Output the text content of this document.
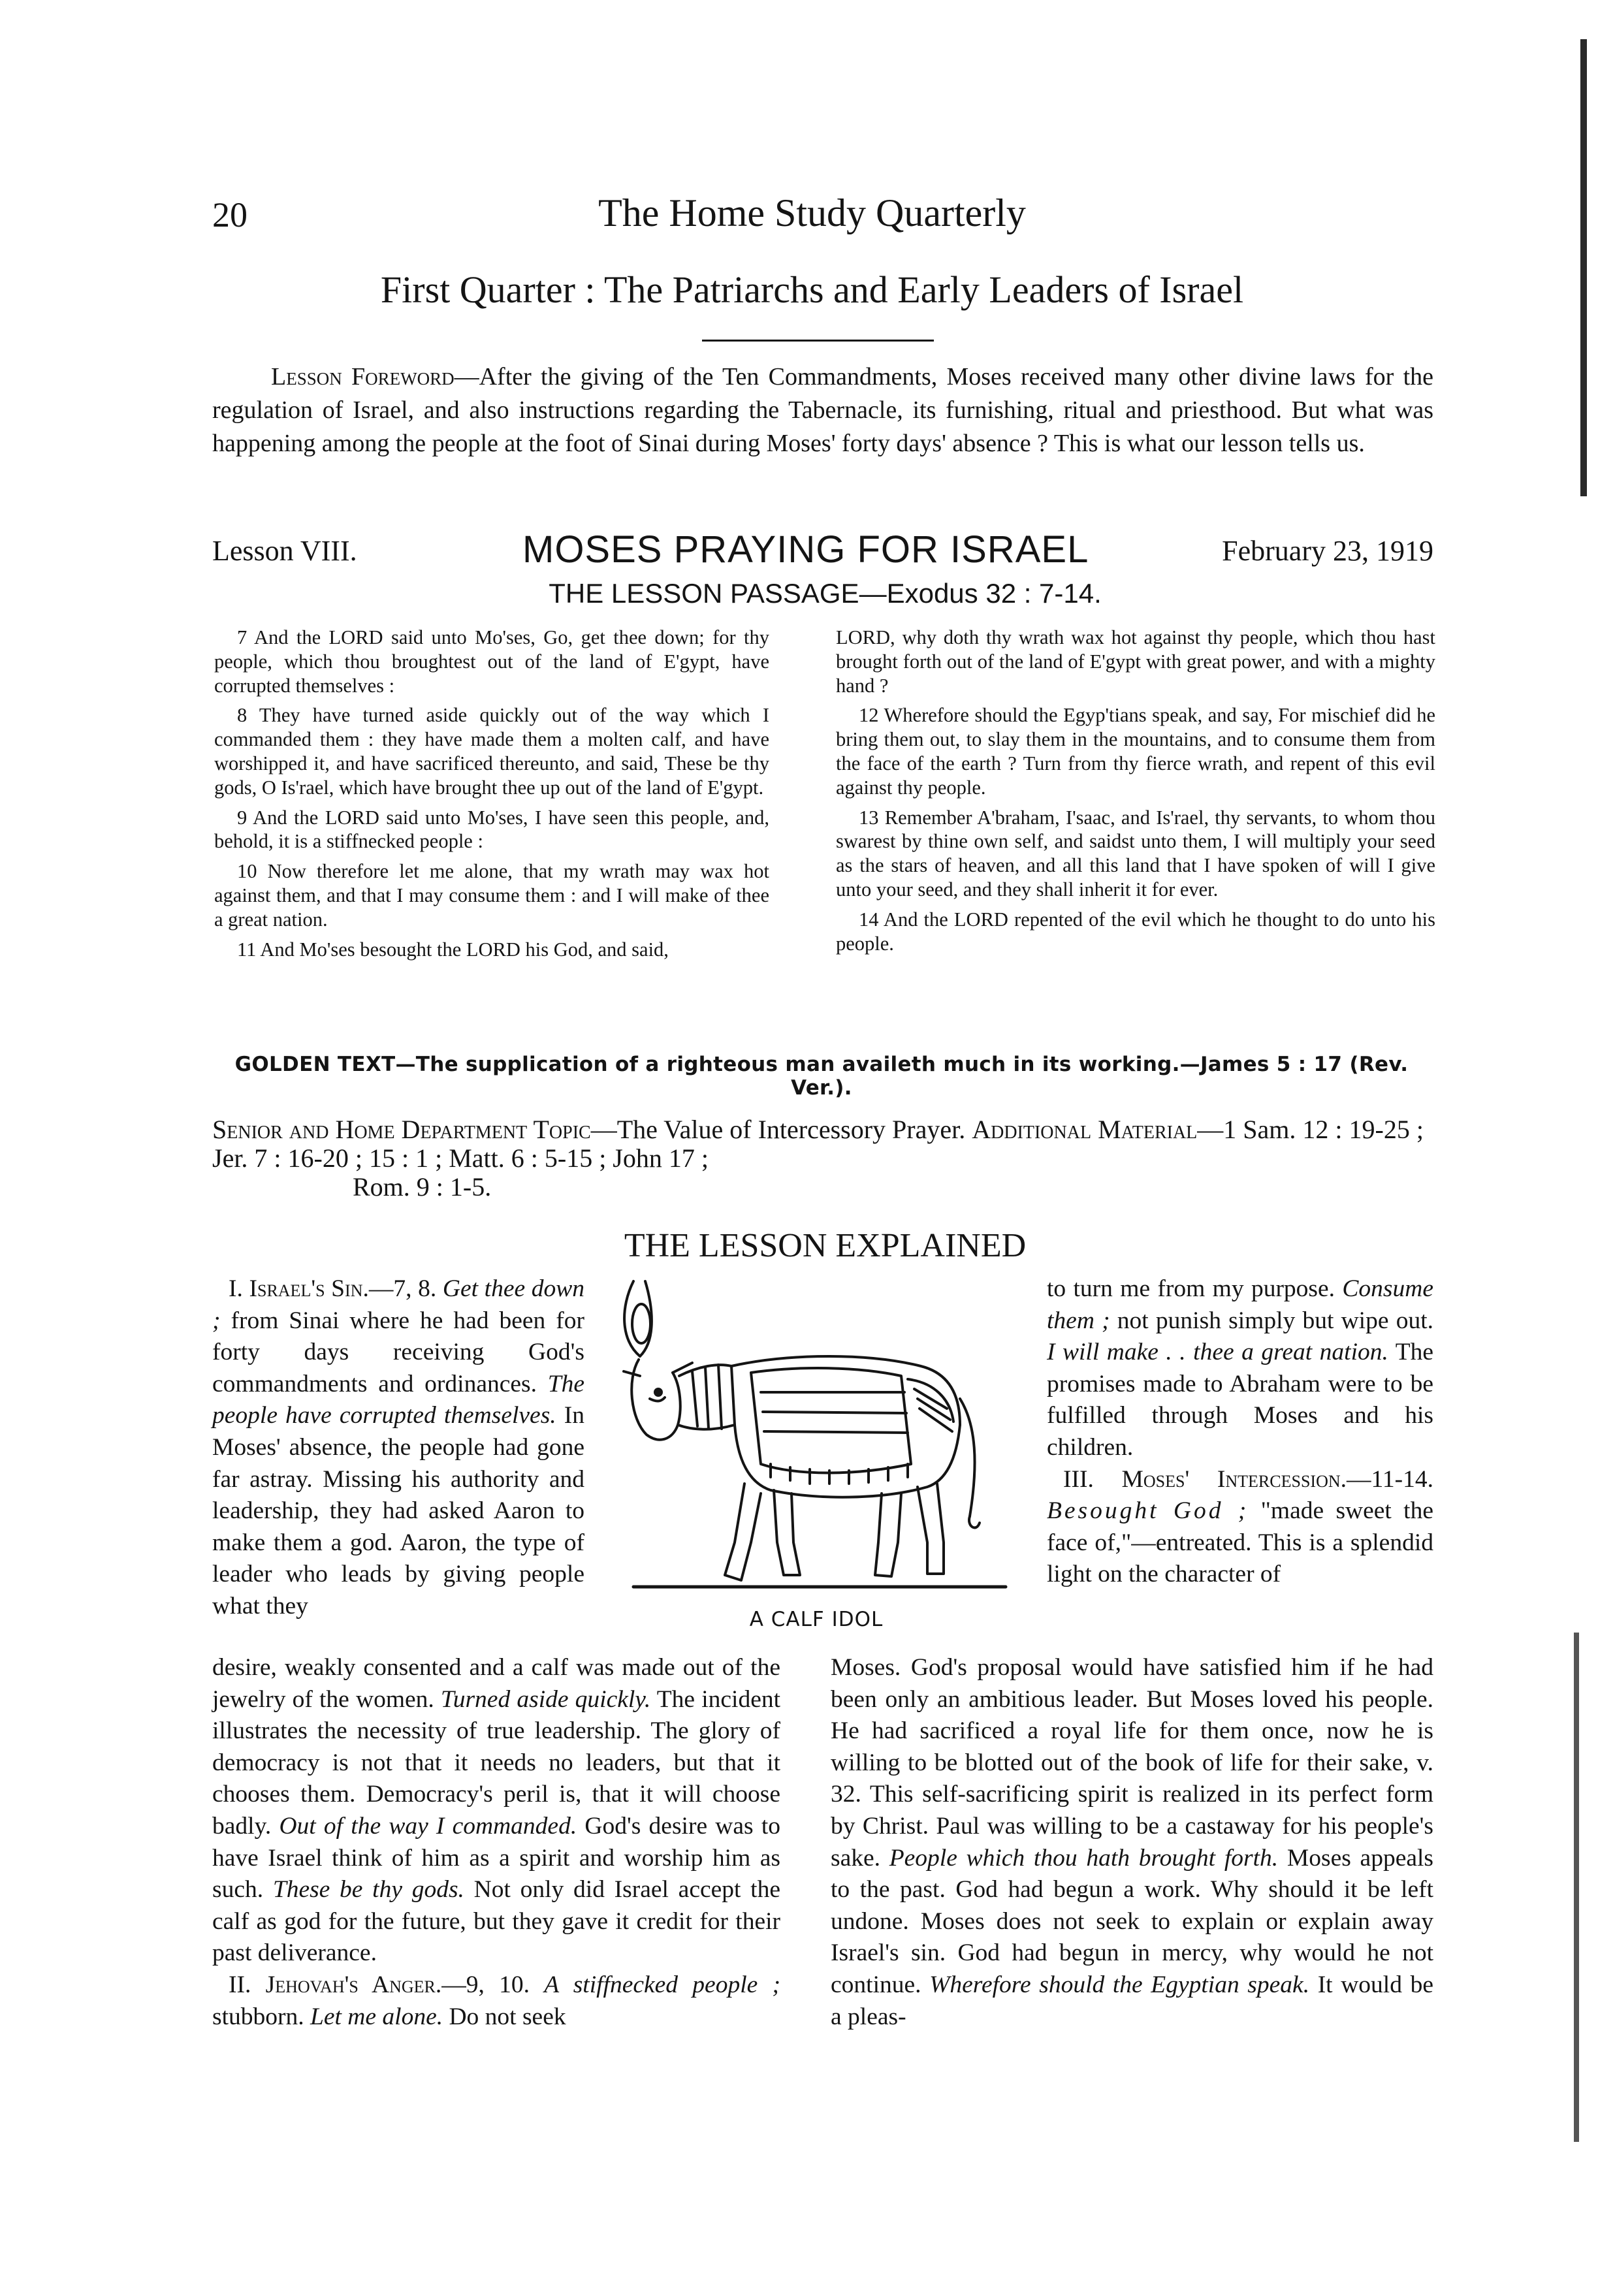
20	The Home Study Quarterly
First Quarter : The Patriarchs and Early Leaders of Israel
Lesson Foreword—After the giving of the Ten Commandments, Moses received many other divine laws for the regulation of Israel, and also instructions regarding the Tabernacle, its furnishing, ritual and priesthood. But what was happening among the people at the foot of Sinai during Moses' forty days' absence ? This is what our lesson tells us.
Lesson VIII.	MOSES PRAYING FOR ISRAEL	February 23, 1919
THE LESSON PASSAGE—Exodus 32 : 7-14.

7 And the LORD said unto Mo'ses, Go, get thee down; for thy people, which thou broughtest out of the land of E'gypt, have corrupted themselves :

8 They have turned aside quickly out of the way which I commanded them : they have made them a molten calf, and have worshipped it, and have sacrificed thereunto, and said, These be thy gods, O Is'rael, which have brought thee up out of the land of E'gypt.

9 And the LORD said unto Mo'ses, I have seen this people, and, behold, it is a stiffnecked people :

10 Now therefore let me alone, that my wrath may wax hot against them, and that I may consume them : and I will make of thee a great nation.

11 And Mo'ses besought the LORD his God, and said,

LORD, why doth thy wrath wax hot against thy people, which thou hast brought forth out of the land of E'gypt with great power, and with a mighty hand ?

12 Wherefore should the Egyp'tians speak, and say, For mischief did he bring them out, to slay them in the mountains, and to consume them from the face of the earth ? Turn from thy fierce wrath, and repent of this evil against thy people.

13 Remember A'braham, I'saac, and Is'rael, thy servants, to whom thou swarest by thine own self, and saidst unto them, I will multiply your seed as the stars of heaven, and all this land that I have spoken of will I give unto your seed, and they shall inherit it for ever.

14 And the LORD repented of the evil which he thought to do unto his people.

GOLDEN TEXT—The supplication of a righteous man availeth much in its working.—James 5 : 17 (Rev. Ver.).
Senior and Home Department Topic—The Value of Intercessory Prayer. Additional Material—1 Sam. 12 : 19-25 ; Jer. 7 : 16-20 ; 15 : 1 ; Matt. 6 : 5-15 ; John 17 ;
Rom. 9 : 1-5.
THE LESSON EXPLAINED

I. Israel's Sin.—7, 8. Get thee down ; from Sinai where he had been for forty days receiving God's commandments and ordinances. The people have corrupted themselves. In Moses' absence, the people had gone far astray. Missing his authority and leadership, they had asked Aaron to make them a god. Aaron, the type of leader who leads by giving people what they

desire, weakly consented and a calf was made out of the jewelry of the women. Turned aside quickly. The incident illustrates the necessity of true leadership. The glory of democracy is not that it needs no leaders, but that it chooses them. Democracy's peril is, that it will choose badly. Out of the way I commanded. God's desire was to have Israel think of him as a spirit and worship him as such. These be thy gods. Not only did Israel accept the calf as god for the future, but they gave it credit for their past deliverance.

II. Jehovah's Anger.—9, 10. A stiffnecked people ; stubborn. Let me alone. Do not seek

to turn me from my purpose. Consume them ; not punish simply but wipe out. I will make . . thee a great nation. The promises made to Abraham were to be fulfilled through Moses and his children.

III. Moses' Intercession.—11-14. Besought God ; "made sweet the face of,"—entreated. This is a splendid light on the character of

Moses. God's proposal would have satisfied him if he had been only an ambitious leader. But Moses loved his people. He had sacrificed a royal life for them once, now he is willing to be blotted out of the book of life for their sake, v. 32. This self-sacrificing spirit is realized in its perfect form by Christ. Paul was willing to be a castaway for his people's sake. People which thou hath brought forth. Moses appeals to the past. God had begun a work. Why should it be left undone. Moses does not seek to explain or explain away Israel's sin. God had begun in mercy, why would he not continue. Wherefore should the Egyptian speak. It would be a pleas-

A CALF IDOL
